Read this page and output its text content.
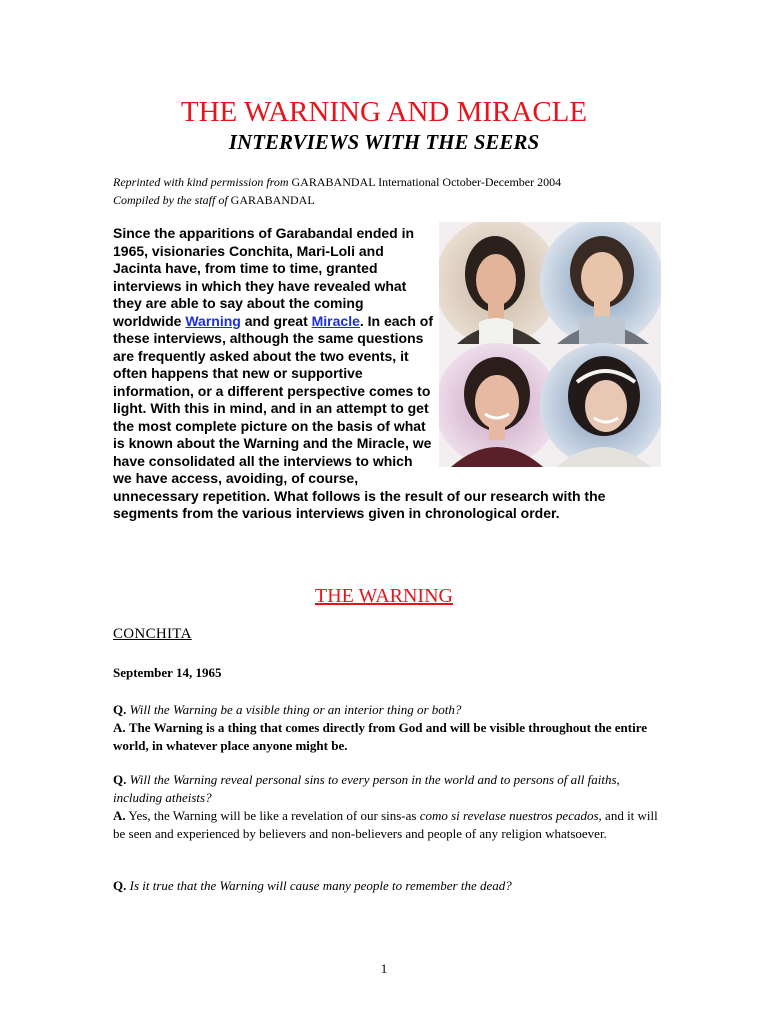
THE WARNING AND MIRACLE
INTERVIEWS WITH THE SEERS
Reprinted with kind permission from GARABANDAL International October-December 2004
Compiled by the staff of GARABANDAL

Since the apparitions of Garabandal ended in 1965, visionaries Conchita, Mari-Loli and Jacinta have, from time to time, granted interviews in which they have revealed what they are able to say about the coming worldwide Warning and great Miracle. In each of these interviews, although the same questions are frequently asked about the two events, it often happens that new or supportive information, or a different perspective comes to light. With this in mind, and in an attempt to get the most complete picture on the basis of what is known about the Warning and the Miracle, we have consolidated all the interviews to which we have access, avoiding, of course, unnecessary repetition. What follows is the result of our research with the segments from the various interviews given in chronological order.

THE WARNING
CONCHITA
September 14, 1965

Q. Will the Warning be a visible thing or an interior thing or both?
A. The Warning is a thing that comes directly from God and will be visible throughout the entire world, in whatever place anyone might be.

Q. Will the Warning reveal personal sins to every person in the world and to persons of all faiths, including atheists?
A. Yes, the Warning will be like a revelation of our sins-as como si revelase nuestros pecados, and it will be seen and experienced by believers and non-believers and people of any religion whatsoever.

Q. Is it true that the Warning will cause many people to remember the dead?

1
